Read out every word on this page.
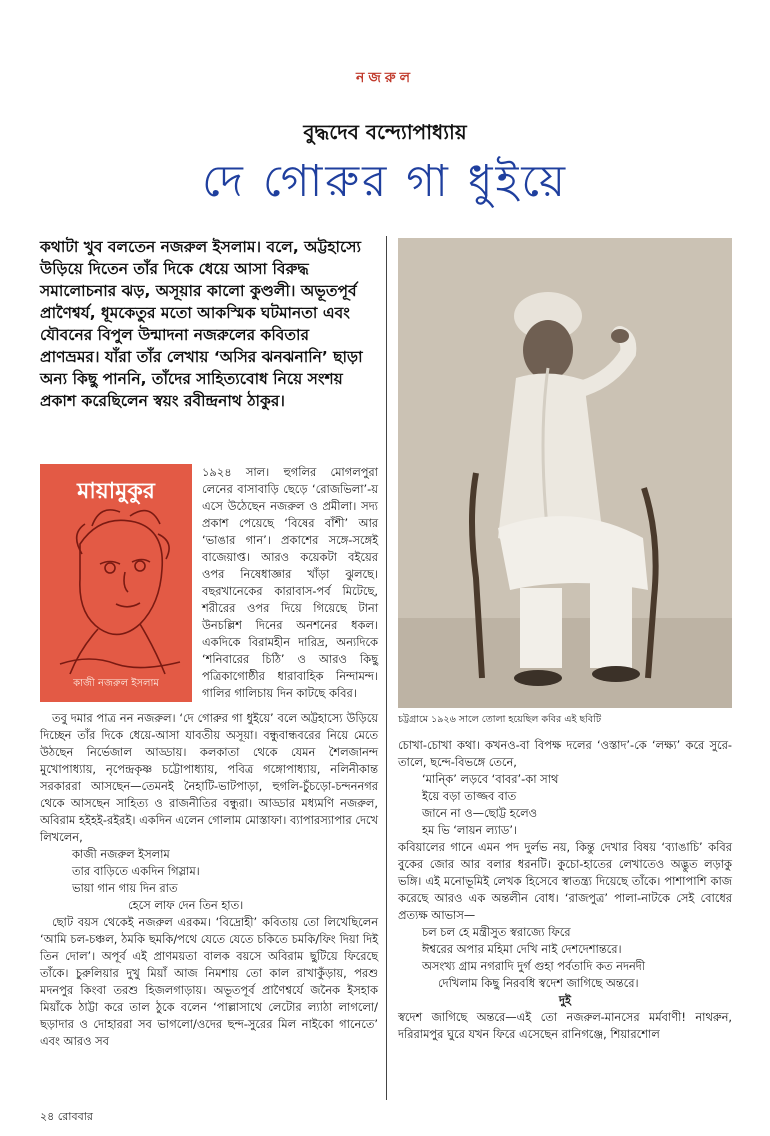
নজরুল
বুদ্ধদেব বন্দ্যোপাধ্যায়
দে গোরুর গা ধুইয়ে

কথাটা খুব বলতেন নজরুল ইসলাম। বলে, অট্টহাস্যে উড়িয়ে দিতেন তাঁর দিকে ধেয়ে আসা বিরুদ্ধ সমালোচনার ঝড়, অসূয়ার কালো কুণ্ডলী। অভূতপূর্ব প্রাণৈশ্বর্য, ধূমকেতুর মতো আকস্মিক ঘটমানতা এবং যৌবনের বিপুল উন্মাদনা নজরুলের কবিতার প্রাণভ্রমর। যাঁরা তাঁর লেখায় ‘অসির ঝনঝনানি’ ছাড়া অন্য কিছু পাননি, তাঁদের সাহিত্যবোধ নিয়ে সংশয় প্রকাশ করেছিলেন স্বয়ং রবীন্দ্রনাথ ঠাকুর।

মায়ামুকুর
কাজী নজরুল ইসলাম

১৯২৪ সাল। হুগলির মোগলপুরা লেনের বাসাবাড়ি ছেড়ে ‘রোজভিলা’-য় এসে উঠেছেন নজরুল ও প্রমীলা। সদ্য প্রকাশ পেয়েছে ‘বিষের বাঁশী’ আর ‘ভাঙার গান’। প্রকাশের সঙ্গে-সঙ্গেই বাজেয়াপ্ত। আরও কয়েকটা বইয়ের ওপর নিষেধাজ্ঞার খাঁড়া ঝুলছে। বছরখানেকের কারাবাস-পর্ব মিটেছে, শরীরের ওপর দিয়ে গিয়েছে টানা উনচল্লিশ দিনের অনশনের ধকল। একদিকে বিরামহীন দারিদ্র, অন্যদিকে ‘শনিবারের চিঠি’ ও আরও কিছু পত্রিকাগোষ্ঠীর ধারাবাহিক নিন্দামন্দ। গালির গালিচায় দিন কাটছে কবির।

তবু দমার পাত্র নন নজরুল। ‘দে গোরুর গা ধুইয়ে’ বলে অট্টহাস্যে উড়িয়ে দিচ্ছেন তাঁর দিকে ধেয়ে-আসা যাবতীয় অসূয়া। বন্ধুবান্ধবরের নিয়ে মেতে উঠছেন নির্ভেজাল আড্ডায়। কলকাতা থেকে যেমন শৈলজানন্দ মুখোপাধ্যায়, নৃপেন্দ্রকৃষ্ণ চট্টোপাধ্যায়, পবিত্র গঙ্গোপাধ্যায়, নলিনীকান্ত সরকাররা আসছেন—তেমনই নৈহাটি-ভাটপাড়া, হুগলি-চুঁচড়ো-চন্দননগর থেকে আসছেন সাহিত্য ও রাজনীতির বন্ধুরা। আড্ডার মধ্যমণি নজরুল, অবিরাম হইহই-রইরই। একদিন এলেন গোলাম মোস্তাফা। ব্যাপারস্যাপার দেখে লিখলেন,

কাজী নজরুল ইসলাম

তার বাড়িতে একদিন গিস্লাম।

ভায়া গান গায় দিন রাত

হেসে লাফ দেন তিন হাত।

ছোট বয়স থেকেই নজরুল এরকম। ‘বিদ্রোহী’ কবিতায় তো লিখেছিলেন ‘আমি চল-চঞ্চল, ঠমকি ছমকি/পথে যেতে যেতে চকিতে চমকি/ফিং দিয়া দিই তিন দোল’। অপূর্ব এই প্রাণময়তা বালক বয়সে অবিরাম ছুটিয়ে ফিরেছে তাঁকে। চুরুলিয়ার দুখু মিয়াঁ আজ নিমশায় তো কাল রাখাকুঁড়ায়, পরশু মদনপুর কিংবা তরশু হিজলগাড়ায়। অভূতপূর্ব প্রাণৈশ্বর্যে জনৈক ইসহাক মিয়াঁকে ঠাট্টা করে তাল ঠুকে বলেন ‘পাল্লাসাথে লেটোর ল্যাঠা লাগলো/ছড়াদার ও দোহাররা সব ভাগলো/ওদের ছন্দ-সুরের মিল নাইকো গানেতে’ এবং আরও সব

চট্টগ্রামে ১৯২৬ সালে তোলা হয়েছিল কবির এই ছবিটি

চোখা-চোখা কথা। কখনও-বা বিপক্ষ দলের ‘ওস্তাদ’-কে ‘লক্ষ্য’ করে সুরে-তালে, ছন্দে-বিভঙ্গে তেনে,

‘মান্কি’ লড়বে ‘বাবর’-কা সাথ

ইয়ে বড়া তাজ্জব বাত

জানে না ও—ছোট্ট হলেও

হম ভি ‘লায়ন ল্যাড’।

কবিয়ালের গানে এমন পদ দুর্লভ নয়, কিন্তু দেখার বিষয় ‘ব্যাঙাচি’ কবির বুকের জোর আর বলার ধরনটি। কুচো-হাতের লেখাতেও অদ্ভুত লড়াকু ভঙ্গি। এই মনোভূমিই লেখক হিসেবে স্বাতন্ত্র্য দিয়েছে তাঁকে। পাশাপাশি কাজ করেছে আরও এক অন্তলীন বোধ। ‘রাজপুত্র’ পালা-নাটকে সেই বোধের প্রত্যক্ষ আভাস—

চল চল হে মন্ত্রীসুত স্বরাজ্যে ফিরে

ঈশ্বরের অপার মহিমা দেখি নাই দেশদেশান্তরে।

অসংখ্য গ্রাম নগরাদি দুর্গ গুহা পর্বতাদি কত নদনদী

দেখিলাম কিছু নিরবধি স্বদেশ জাগিছে অন্তরে।

দুই

স্বদেশ জাগিছে অন্তরে—এই তো নজরুল-মানসের মর্মবাণী! নাথরুন, দরিরামপুর ঘুরে যখন ফিরে এসেছেন রানিগঞ্জে, শিয়ারশোল

২৪ রোববার
